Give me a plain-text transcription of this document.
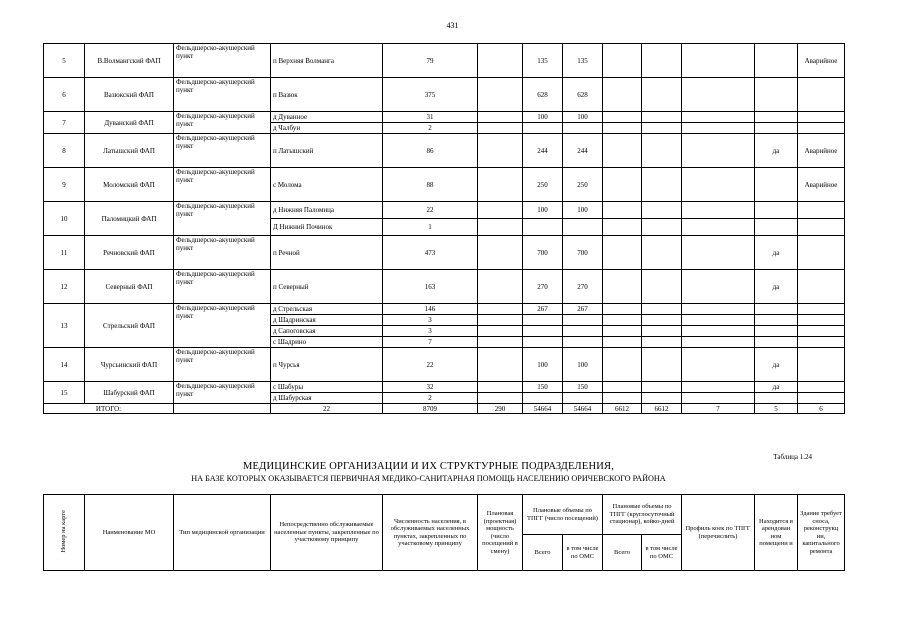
431
5	В.Волмангский ФАП	Фельдшерско-акушерский пункт	п Верхняя Волманга	79		135	135					Аварийное
6	Вазюкский ФАП	Фельдшерско-акушерский пункт	п Вазюк	375		628	628					
7	Дуванский ФАП	Фельдшерско-акушерский пункт	д Дуванное	31		100	100					
			д Чалбун	2								
8	Латышский ФАП	Фельдшерско-акушерский пункт	п Латышский	86		244	244				да	Аварийное
9	Моломский ФАП	Фельдшерско-акушерский пункт	с Молома	88		250	250					Аварийное
10	Паломицкий ФАП	Фельдшерско-акушерский пункт	д Нижняя Паломица	22		100	100					
			Д Нижний Починок	1								
11	Речновский ФАП	Фельдшерско-акушерский пункт	п Речной	473		700	700				да	
12	Северный ФАП	Фельдшерско-акушерский пункт	п Северный	163		270	270				да	
13	Стрельский ФАП	Фельдшерско-акушерский пункт	д Стрельская	146		267	267					
			д Шадринская	3								
			д Сапоговская	3								
			с Шадрино	7								
14	Чурсьинский ФАП	Фельдшерско-акушерский пункт	п Чурсья	22		100	100				да	
15	Шабурский ФАП	Фельдшерско-акушерский пункт	с Шабуры	32		150	150				да	
			д Шабурская	2								
ИТОГО:			22	8709	290	54664	54664	6612	6612	7	5	6
Таблица 1.24
МЕДИЦИНСКИЕ ОРГАНИЗАЦИИ И ИХ СТРУКТУРНЫЕ ПОДРАЗДЕЛЕНИЯ,
НА БАЗЕ КОТОРЫХ ОКАЗЫВАЕТСЯ ПЕРВИЧНАЯ МЕДИКО-САНИТАРНАЯ ПОМОЩЬ НАСЕЛЕНИЮ ОРИЧЕВСКОГО РАЙОНА
Номер на карте	Наименование МО	Тип медицинской организации	Непосредственно обслуживаемые населенные пункты, закрепленные по участковому принципу	Численность населения, в обслуживаемых населенных пунктах, закрепленных по участковому принципу	Плановая (проектная) мощность (число посещений в смену)	Плановые объемы по ТПГГ (число посещений)		Плановые объемы по ТПГГ (круглосуточный стационар), койко-дней		Профиль коек по ТПГГ (перечислить)	Находится в арендован ном помещени и	Здание требует сноса, реконструкц ии, капитального ремонта
						Всего	в том числе по ОМС	Всего	в том числе по ОМС			
